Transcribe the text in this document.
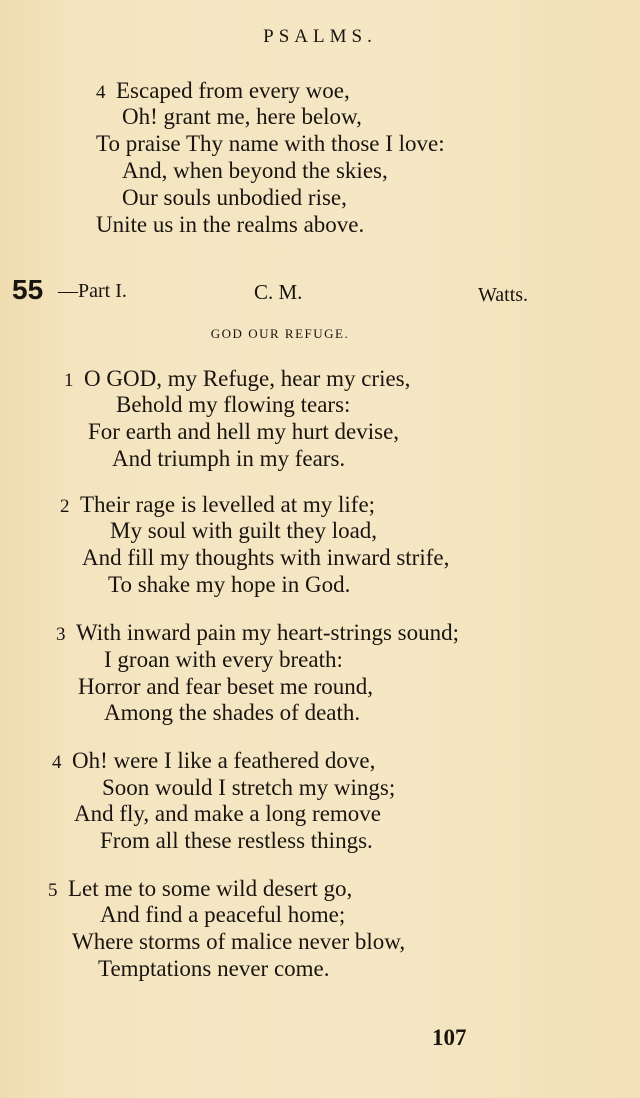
PSALMS.
4 Escaped from every woe,
Oh! grant me, here below,
To praise Thy name with those I love:
And, when beyond the skies,
Our souls unbodied rise,
Unite us in the realms above.
55 —Part I.	C. M.	Watts.
GOD OUR REFUGE.
1 O GOD, my Refuge, hear my cries,
Behold my flowing tears:
For earth and hell my hurt devise,
And triumph in my fears.
2 Their rage is levelled at my life;
My soul with guilt they load,
And fill my thoughts with inward strife,
To shake my hope in God.
3 With inward pain my heart-strings sound;
I groan with every breath:
Horror and fear beset me round,
Among the shades of death.
4 Oh! were I like a feathered dove,
Soon would I stretch my wings;
And fly, and make a long remove
From all these restless things.
5 Let me to some wild desert go,
And find a peaceful home;
Where storms of malice never blow,
Temptations never come.
107
